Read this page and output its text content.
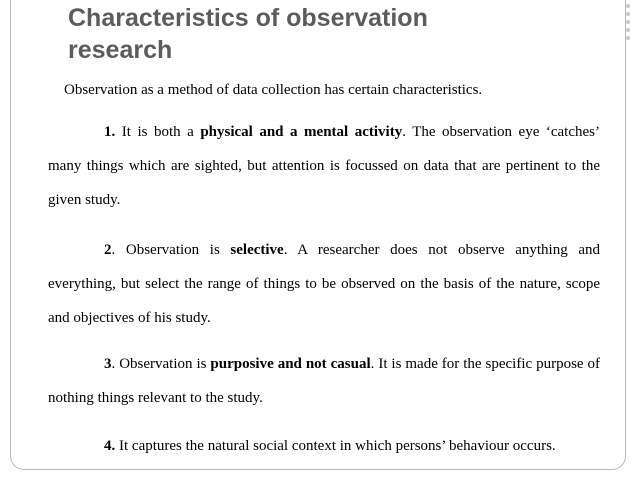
Characteristics of observation
research

Observation as a method of data collection has certain characteristics.

1. It is both a physical and a mental activity. The observation eye ‘catches’ many things which are sighted, but attention is focussed on data that are pertinent to the given study.

2. Observation is selective. A researcher does not observe anything and everything, but select the range of things to be observed on the basis of the nature, scope and objectives of his study.

3. Observation is purposive and not casual. It is made for the specific purpose of nothing things relevant to the study.

4. It captures the natural social context in which persons’ behaviour occurs.
